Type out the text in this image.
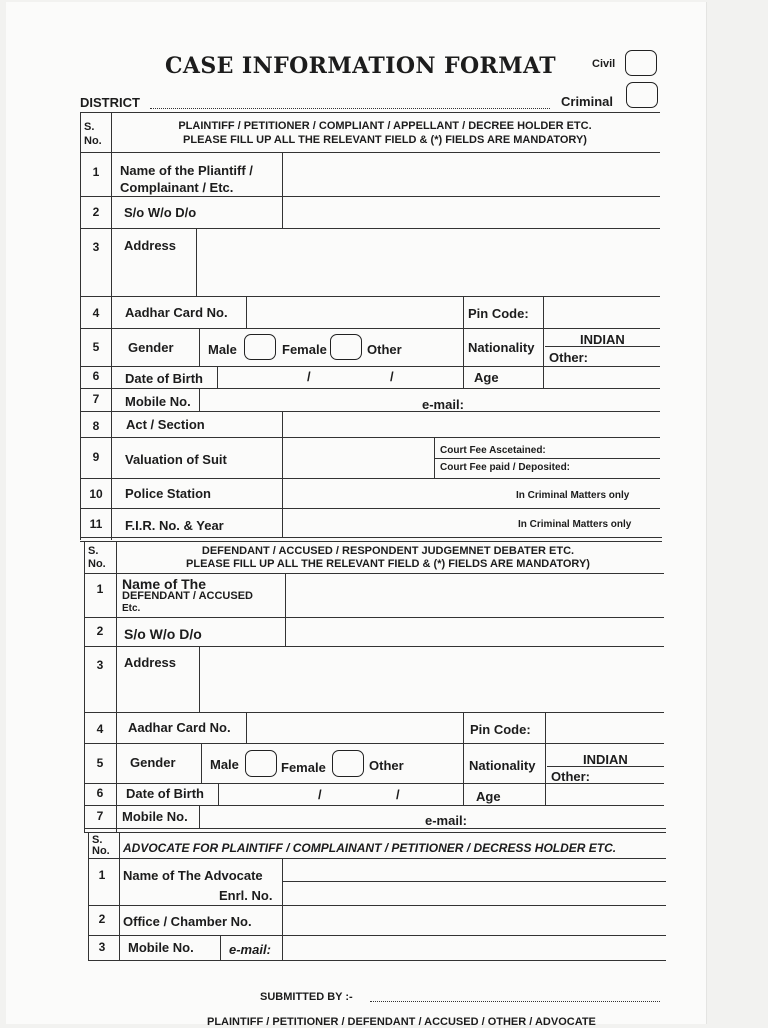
CASE INFORMATION FORMAT
DISTRICT
Civil
Criminal
S.
No.
PLAINTIFF / PETITIONER / COMPLIANT / APPELLANT / DECREE HOLDER ETC.
PLEASE FILL UP ALL THE RELEVANT FIELD & (*) FIELDS ARE MANDATORY)
1	Name of the Pliantiff /
Complainant / Etc.
2	S/o W/o D/o
3	Address
4	Aadhar Card No.	Pin Code:
5	Gender	Male	Female	Other	Nationality
INDIAN
Other:
6	Date of Birth	/	/	Age
7	Mobile No.	e-mail:
8	Act / Section
9	Valuation of Suit
Court Fee Ascetained:
Court Fee paid / Deposited:
10	Police Station	In Criminal Matters only
11	F.I.R. No. & Year	In Criminal Matters only
S.
No.
DEFENDANT / ACCUSED / RESPONDENT JUDGEMNET DEBATER ETC.
PLEASE FILL UP ALL THE RELEVANT FIELD & (*) FIELDS ARE MANDATORY)
1	Name of The
DEFENDANT / ACCUSED
Etc.
2	S/o W/o D/o
3	Address
4	Aadhar Card No.	Pin Code:
5	Gender	Male	Female	Other	Nationality	INDIAN
Other:
6	Date of Birth	/	/	Age
7	Mobile No.	e-mail:
S.
No. ADVOCATE FOR PLAINTIFF / COMPLAINANT / PETITIONER / DECRESS HOLDER ETC.
1	Name of The Advocate
Enrl. No.
2	Office / Chamber No.
3	Mobile No.	e-mail:
SUBMITTED BY :-
PLAINTIFF / PETITIONER / DEFENDANT / ACCUSED / OTHER / ADVOCATE
